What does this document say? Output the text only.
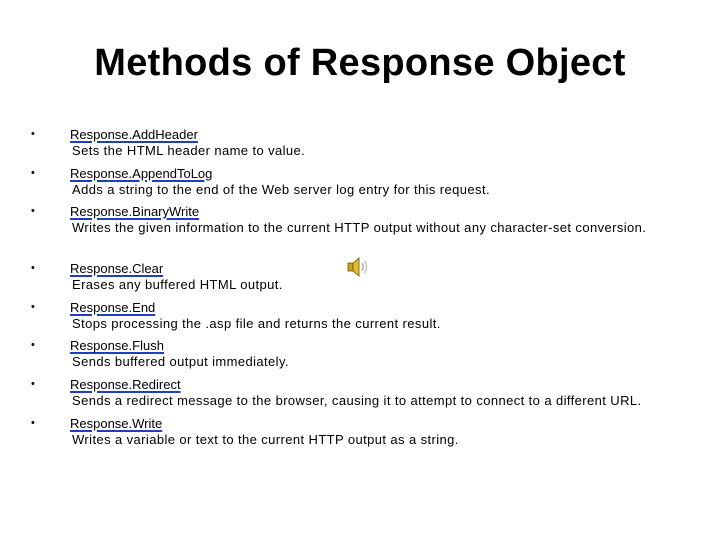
Methods of Response Object
•	Response.AddHeader
Sets the HTML header name to value.
•	Response.AppendToLog
Adds a string to the end of the Web server log entry for this request.
•	Response.BinaryWrite
Writes the given information to the current HTTP output without any character-set conversion.
•	Response.Clear
Erases any buffered HTML output.
•	Response.End
Stops processing the .asp file and returns the current result.
•	Response.Flush
Sends buffered output immediately.
•	Response.Redirect
Sends a redirect message to the browser, causing it to attempt to connect to a different URL.
•	Response.Write
Writes a variable or text to the current HTTP output as a string.
